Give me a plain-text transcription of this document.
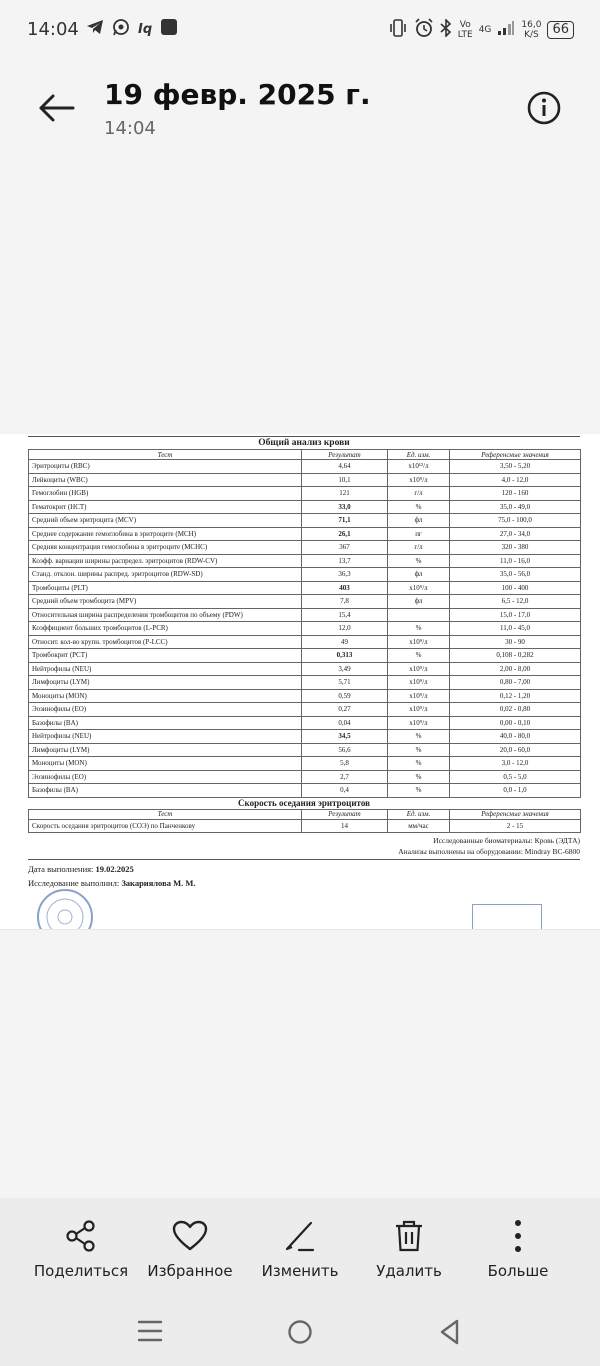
14:04	Iq	Vo
LTE 4G	16,0
K/S	66
19 февр. 2025 г.
14:04
Общий анализ крови
Тест	Результат	Ед. изм.	Референсные значения
Эритроциты (RBC)	4,64	x10¹²/л	3,50 - 5,20
Лейкоциты (WBC)	10,1	x10⁹/л	4,0 - 12,0
Гемоглобин (HGB)	121	г/л	120 - 160
Гематокрит (HCT)	33,0	%	35,0 - 49,0
Средний объем эритроцита (MCV)	71,1	фл	75,0 - 100,0
Среднее содержание гемоглобина в эритроците (MCH)	26,1	пг	27,0 - 34,0
Средняя концентрация гемоглобина в эритроците (MCHC)	367	г/л	320 - 380
Коэфф. вариации ширины распредел. эритроцитов (RDW-CV)	13,7	%	11,0 - 16,0
Станд. отклон. ширины распред. эритроцитов (RDW-SD)	36,3	фл	35,0 - 56,0
Тромбоциты (PLT)	403	x10⁹/л	100 - 400
Средний объем тромбоцита (MPV)	7,8	фл	6,5 - 12,0
Относительная ширина распределения тромбоцитов по объему (PDW)	15,4		15,0 - 17,0
Коэффициент больших тромбоцитов (L-PCR)	12,0	%	11,0 - 45,0
Относит. кол-во крупн. тромбоцитов (P-LCC)	49	x10⁹/л	30 - 90
Тромбокрит (PCT)	0,313	%	0,108 - 0,282
Нейтрофилы (NEU)	3,49	x10⁹/л	2,00 - 8,00
Лимфоциты (LYM)	5,71	x10⁹/л	0,80 - 7,00
Моноциты (MON)	0,59	x10⁹/л	0,12 - 1,20
Эозинофилы (EO)	0,27	x10⁹/л	0,02 - 0,80
Базофилы (BA)	0,04	x10⁹/л	0,00 - 0,10
Нейтрофилы (NEU)	34,5	%	40,0 - 80,0
Лимфоциты (LYM)	56,6	%	20,0 - 60,0
Моноциты (MON)	5,8	%	3,0 - 12,0
Эозинофилы (EO)	2,7	%	0,5 - 5,0
Базофилы (BA)	0,4	%	0,0 - 1,0
Скорость оседания эритроцитов
Тест	Результат	Ед. изм.	Референсные значения
Скорость оседания эритроцитов (СОЭ) по Панченкову	14	мм/час	2 - 15
Исследованные биоматериалы: Кровь (ЭДТА)
Анализы выполнены на оборудовании: Mindray BC-6800
Дата выполнения: 19.02.2025
Исследование выполнил: Закариялова М. М.
Поделиться	Избранное	Изменить	Удалить	Больше
